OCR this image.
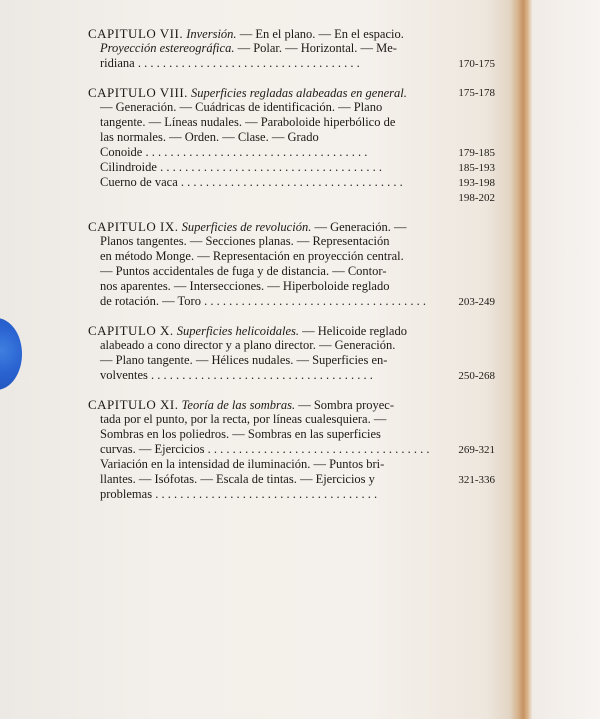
CAPITULO VII. Inversión. — En el plano. — En el espacio.
Proyección estereográfica. — Polar. — Horizontal. — Me-
ridiana . . .	170-175
CAPITULO VIII. Superficies regladas alabeadas en general.	175-178
— Generación. — Cuádricas de identificación. — Plano
tangente. — Líneas nudales. — Paraboloide hiperbólico de
las normales. — Orden. — Clase. — Grado
Conoide . . .	179-185
Cilindroide . . .	185-193
Cuerno de vaca . . .	193-198
198-202
CAPITULO IX. Superficies de revolución. — Generación. —
Planos tangentes. — Secciones planas. — Representación
en método Monge. — Representación en proyección central.
— Puntos accidentales de fuga y de distancia. — Contor-
nos aparentes. — Intersecciones. — Hiperboloide reglado
de rotación. — Toro . . .	203-249
CAPITULO X. Superficies helicoidales. — Helicoide reglado
alabeado a cono director y a plano director. — Generación.
— Plano tangente. — Hélices nudales. — Superficies en-
volventes . . .	250-268
CAPITULO XI. Teoría de las sombras. — Sombra proyec-
tada por el punto, por la recta, por líneas cualesquiera. —
Sombras en los poliedros. — Sombras en las superficies
curvas. — Ejercicios . . .	269-321
Variación en la intensidad de iluminación. — Puntos bri-
llantes. — Isófotas. — Escala de tintas. — Ejercicios y	321-336
problemas . . .
